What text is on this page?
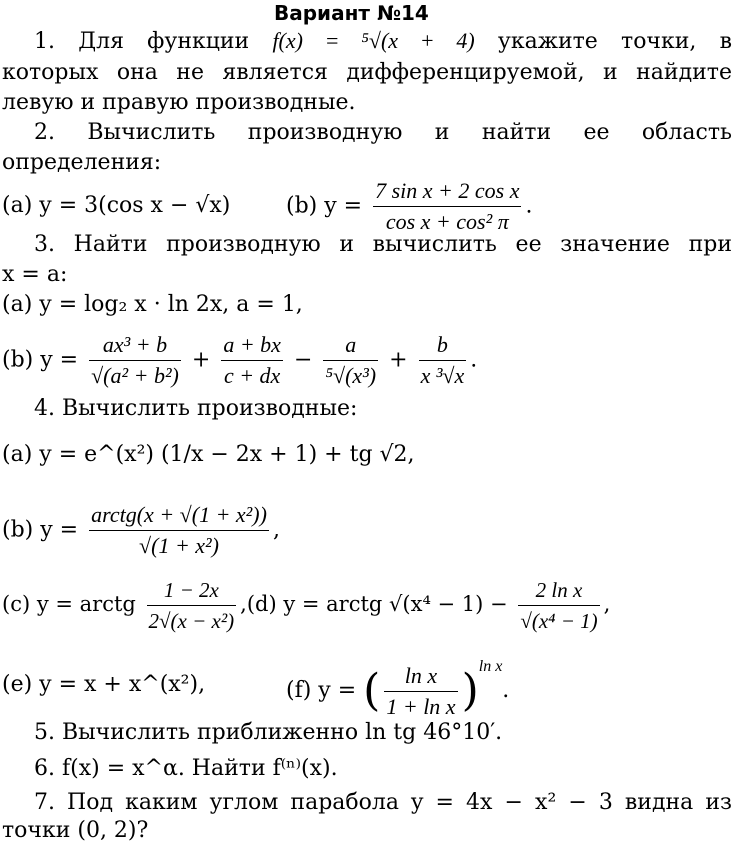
Вариант №14
1. Для функции f(x) = ⁵√(x + 4) укажите точки, в
которых она не является дифференцируемой, и найдите
левую и правую производные.
2. Вычислить производную и найти ее область
определения:
(a) y = 3(cos x − √x)	(b) $y = \frac{\text{7 sin x + 2 cos x}}{\text{cos x + cos² π}}$ .
3. Найти производную и вычислить ее значение при
x = a:
(a) y = log₂ x · ln 2x, a = 1,
(b) $y = \frac{\text{ax³ + b}}{\text{√(a² + b²)}} + \frac{a + bx}{c + dx} - \frac{a}{\text{⁵√(x³)}} + \frac{b}{\text{x ³√x}}$ .
4. Вычислить производные:
(a) y = e^(x²) (1/x − 2x + 1) + tg √2,
(b) $y = \frac{\text{arctg(x + √(1 + x²))}}{\text{√(1 + x²)}}$ ,
(c) y = arctg $\frac{1 - 2x}{\text{2√(x − x²)}} ,(d) y$ = arctg $√(x^4 - 1) - \frac{\text{2 ln x}}{\text{√(x⁴ − 1)}}$ ,
(e) y = x + x^(x²),	(f) y = ( $\frac{\text{ln x}}{\text{1 + ln x}} )^{ln x}$.
5. Вычислить приближенно ln tg 46°10′.
6. f(x) = x^α. Найти f⁽ⁿ⁾(x).
7. Под каким углом парабола y = 4x − x² − 3 видна из
точки (0, 2)?
